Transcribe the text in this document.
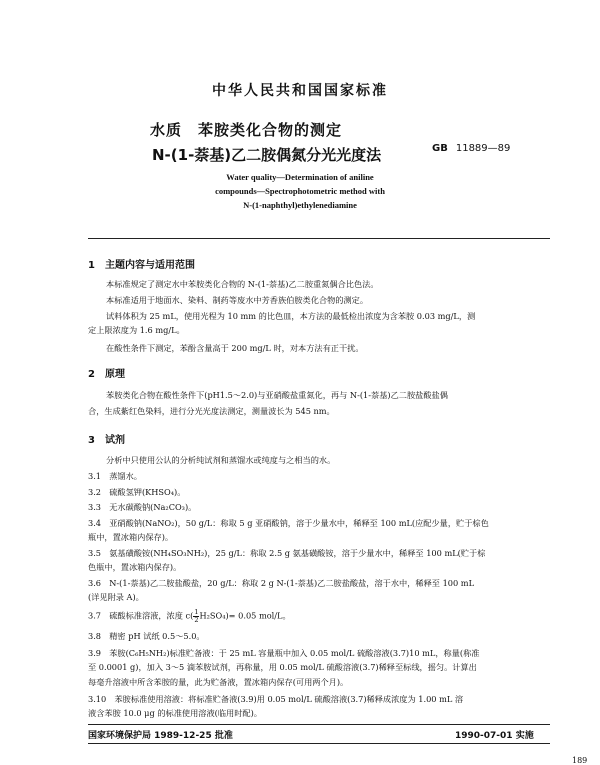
中华人民共和国国家标准
水质　苯胺类化合物的测定
N-(1-萘基)乙二胺偶氮分光光度法	GB 11889—89
Water quality—Determination of aniline
compounds—Spectrophotometric method with
N-(1-naphthyl)ethylenediamine
1 主题内容与适用范围
本标准规定了测定水中苯胺类化合物的 N-(1-萘基)乙二胺重氮偶合比色法。
本标准适用于地面水、染料、制药等废水中芳香族伯胺类化合物的测定。
试料体积为 25 mL，使用光程为 10 mm 的比色皿，本方法的最低检出浓度为含苯胺 0.03 mg/L，测
定上限浓度为 1.6 mg/L。
在酸性条件下测定，苯酚含量高于 200 mg/L 时，对本方法有正干扰。
2 原理
苯胺类化合物在酸性条件下(pH1.5～2.0)与亚硝酸盐重氮化，再与 N-(1-萘基)乙二胺盐酸盐偶
合，生成紫红色染料，进行分光光度法测定，测量波长为 545 nm。
3 试剂
分析中只使用公认的分析纯试剂和蒸馏水或纯度与之相当的水。
3.1　 蒸馏水。
3.2　 硫酸氢钾(KHSO₄)。
3.3　 无水碳酸钠(Na₂CO₃)。
3.4　 亚硝酸钠(NaNO₂)，50 g/L：称取 5 g 亚硝酸钠，溶于少量水中，稀释至 100 mL(应配少量，贮于棕色
瓶中，置冰箱内保存)。
3.5　 氨基磺酸铵(NH₄SO₃NH₂)，25 g/L：称取 2.5 g 氨基磺酸铵，溶于少量水中，稀释至 100 mL(贮于棕
色瓶中，置冰箱内保存)。
3.6　 N-(1-萘基)乙二胺盐酸盐，20 g/L：称取 2 g N-(1-萘基)乙二胺盐酸盐，溶于水中，稀释至 100 mL
(详见附录 A)。
3.7　 硫酸标准溶液，浓度 $c( \frac{1}{2} H_2SO_4)= 0.05$ mol/L。
3.8　 精密 pH 试纸 0.5～5.0。
3.9　 苯胺(C₆H₅NH₂)标准贮备液：于 25 mL 容量瓶中加入 0.05 mol/L 硫酸溶液(3.7)10 mL，称量(称准
至 0.0001 g)，加入 3～5 滴苯胺试剂，再称量，用 0.05 mol/L 硫酸溶液(3.7)稀释至标线，摇匀。计算出
每毫升溶液中所含苯胺的量，此为贮备液，置冰箱内保存(可用两个月)。
3.10　 苯胺标准使用溶液：将标准贮备液(3.9)用 0.05 mol/L 硫酸溶液(3.7)稀释成浓度为 1.00 mL 溶
液含苯胺 10.0 μg 的标准使用溶液(临用时配)。
国家环境保护局 1989-12-25 批准	1990-07-01 实施
189
